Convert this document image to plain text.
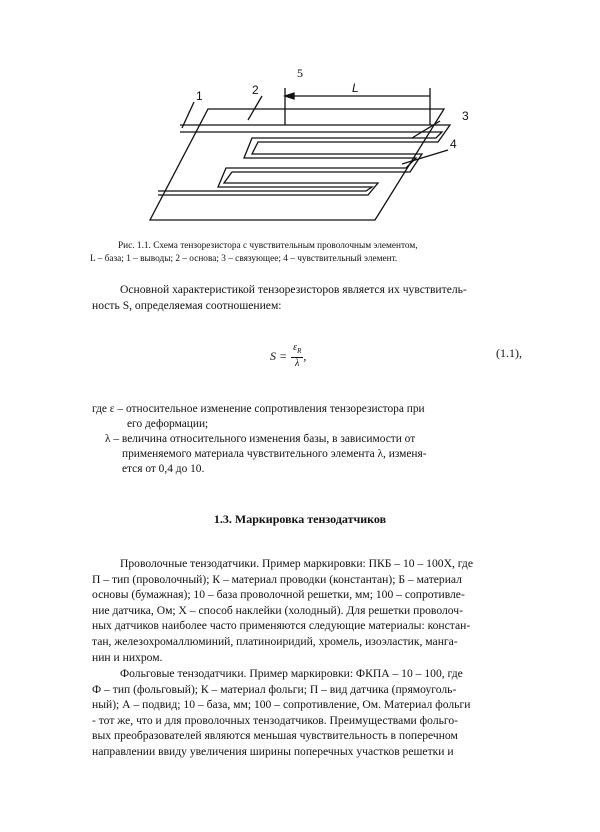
5
1	2	L
3
4
Рис. 1.1. Схема тензорезистора с чувствительным проволочным элементом,
L – база; 1 – выводы; 2 – основа; 3 – связующее; 4 – чувствительный элемент.
Основной характеристикой тензорезисторов является их чувствитель-
ность S, определяемая соотношением:
$S = \frac{\varepsilon_R}{\lambda}$ ,	(1.1),
где ε – относительное изменение сопротивления тензорезистора при
его деформации;
λ – величина относительного изменения базы, в зависимости от
применяемого материала чувствительного элемента λ, изменя-
ется от 0,4 до 10.
1.3. Маркировка тензодатчиков
Проволочные тензодатчики. Пример маркировки: ПКБ – 10 – 100Х, где
П – тип (проволочный); К – материал проводки (константан); Б – материал
основы (бумажная); 10 – база проволочной решетки, мм; 100 – сопротивле-
ние датчика, Ом; Х – способ наклейки (холодный). Для решетки проволоч-
ных датчиков наиболее часто применяются следующие материалы: констан-
тан, железохромаллюминий, платиноиридий, хромель, изоэластик, манга-
нин и нихром.
Фольговые тензодатчики. Пример маркировки: ФКПА – 10 – 100, где
Ф – тип (фольговый); К – материал фольги; П – вид датчика (прямоуголь-
ный); А – подвид; 10 – база, мм; 100 – сопротивление, Ом. Материал фольги
- тот же, что и для проволочных тензодатчиков. Преимуществами фольго-
вых преобразователей являются меньшая чувствительность в поперечном
направлении ввиду увеличения ширины поперечных участков решетки и
